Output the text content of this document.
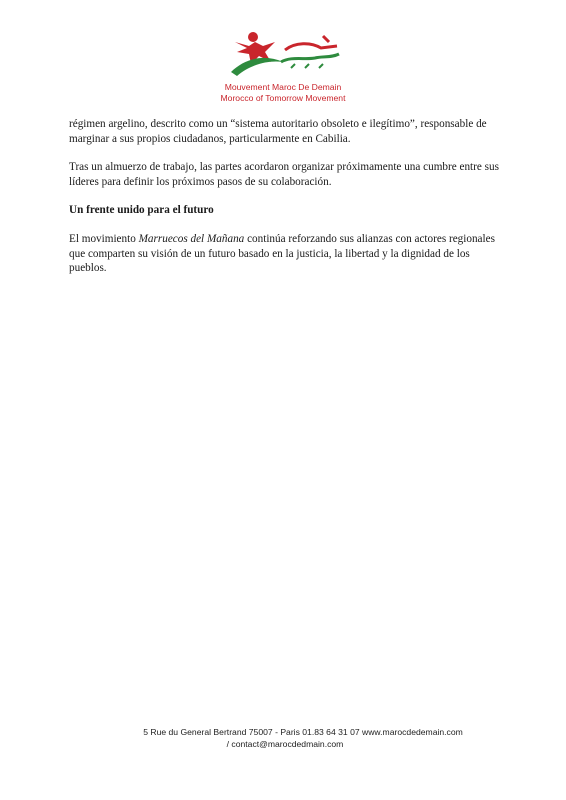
Mouvement Maroc De Demain
Morocco of Tomorrow Movement

régimen argelino, descrito como un “sistema autoritario obsoleto e ilegítimo”, responsable de marginar a sus propios ciudadanos, particularmente en Cabilia.

Tras un almuerzo de trabajo, las partes acordaron organizar próximamente una cumbre entre sus líderes para definir los próximos pasos de su colaboración.

Un frente unido para el futuro

El movimiento Marruecos del Mañana continúa reforzando sus alianzas con actores regionales que comparten su visión de un futuro basado en la justicia, la libertad y la dignidad de los pueblos.

5 Rue du General Bertrand 75007 - Paris 01.83 64 31 07 www.marocdedemain.com
/ contact@marocdedmain.com
